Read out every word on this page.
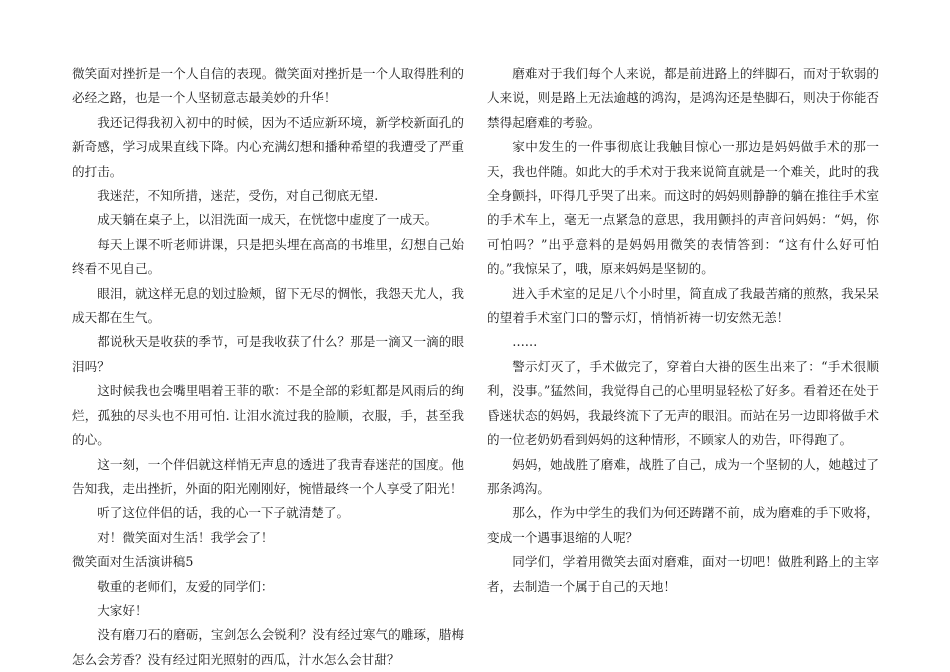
微笑面对挫折是一个人自信的表现。微笑面对挫折是一个人取得胜利的必经之路，也是一个人坚韧意志最美妙的升华！

我还记得我初入初中的时候，因为不适应新环境，新学校新面孔的新奇感，学习成果直线下降。内心充满幻想和播种希望的我遭受了严重的打击。

我迷茫，不知所措，迷茫，受伤，对自己彻底无望.

成天躺在桌子上，以泪洗面一成天，在恍惚中虚度了一成天。

每天上课不听老师讲课，只是把头埋在高高的书堆里，幻想自己始终看不见自己。

眼泪，就这样无息的划过脸颊，留下无尽的惆怅，我怨天尤人，我成天都在生气。

都说秋天是收获的季节，可是我收获了什么？那是一滴又一滴的眼泪吗？

这时候我也会嘴里唱着王菲的歌：不是全部的彩虹都是风雨后的绚烂，孤独的尽头也不用可怕. 让泪水流过我的脸顺，衣服，手，甚至我的心。

这一刻，一个伴侣就这样悄无声息的透进了我青春迷茫的国度。他告知我，走出挫折，外面的阳光刚刚好，惋惜最终一个人享受了阳光！

听了这位伴侣的话，我的心一下子就清楚了。

对！微笑面对生活！我学会了！

微笑面对生活演讲稿5

敬重的老师们，友爱的同学们：

大家好！

没有磨刀石的磨砺，宝剑怎么会锐利？没有经过寒气的雕琢，腊梅怎么会芳香？没有经过阳光照射的西瓜，汁水怎么会甘甜？

磨难对于我们每个人来说，都是前进路上的绊脚石，而对于软弱的人来说，则是路上无法逾越的鸿沟，是鸿沟还是垫脚石，则决于你能否禁得起磨难的考验。

家中发生的一件事彻底让我触目惊心一那边是妈妈做手术的那一天，我也伴随。如此大的手术对于我来说简直就是一个难关，此时的我全身颤抖，吓得几乎哭了出来。而这时的妈妈则静静的躺在推往手术室的手术车上，毫无一点紧急的意思，我用颤抖的声音问妈妈：“妈，你可怕吗？”出乎意料的是妈妈用微笑的表情答到：“这有什么好可怕的。”我惊呆了，哦，原来妈妈是坚韧的。

进入手术室的足足八个小时里，简直成了我最苦痛的煎熬，我呆呆的望着手术室门口的警示灯，悄悄祈祷一切安然无恙！

……

警示灯灭了，手术做完了，穿着白大褂的医生出来了：“手术很顺利，没事。”猛然间，我觉得自己的心里明显轻松了好多。看着还在处于昏迷状态的妈妈，我最终流下了无声的眼泪。而站在另一边即将做手术的一位老奶奶看到妈妈的这种情形，不顾家人的劝告，吓得跑了。

妈妈，她战胜了磨难，战胜了自己，成为一个坚韧的人，她越过了那条鸿沟。

那么，作为中学生的我们为何还踌躇不前，成为磨难的手下败将，变成一个遇事退缩的人呢？

同学们，学着用微笑去面对磨难，面对一切吧！做胜利路上的主宰者，去制造一个属于自己的天地！
